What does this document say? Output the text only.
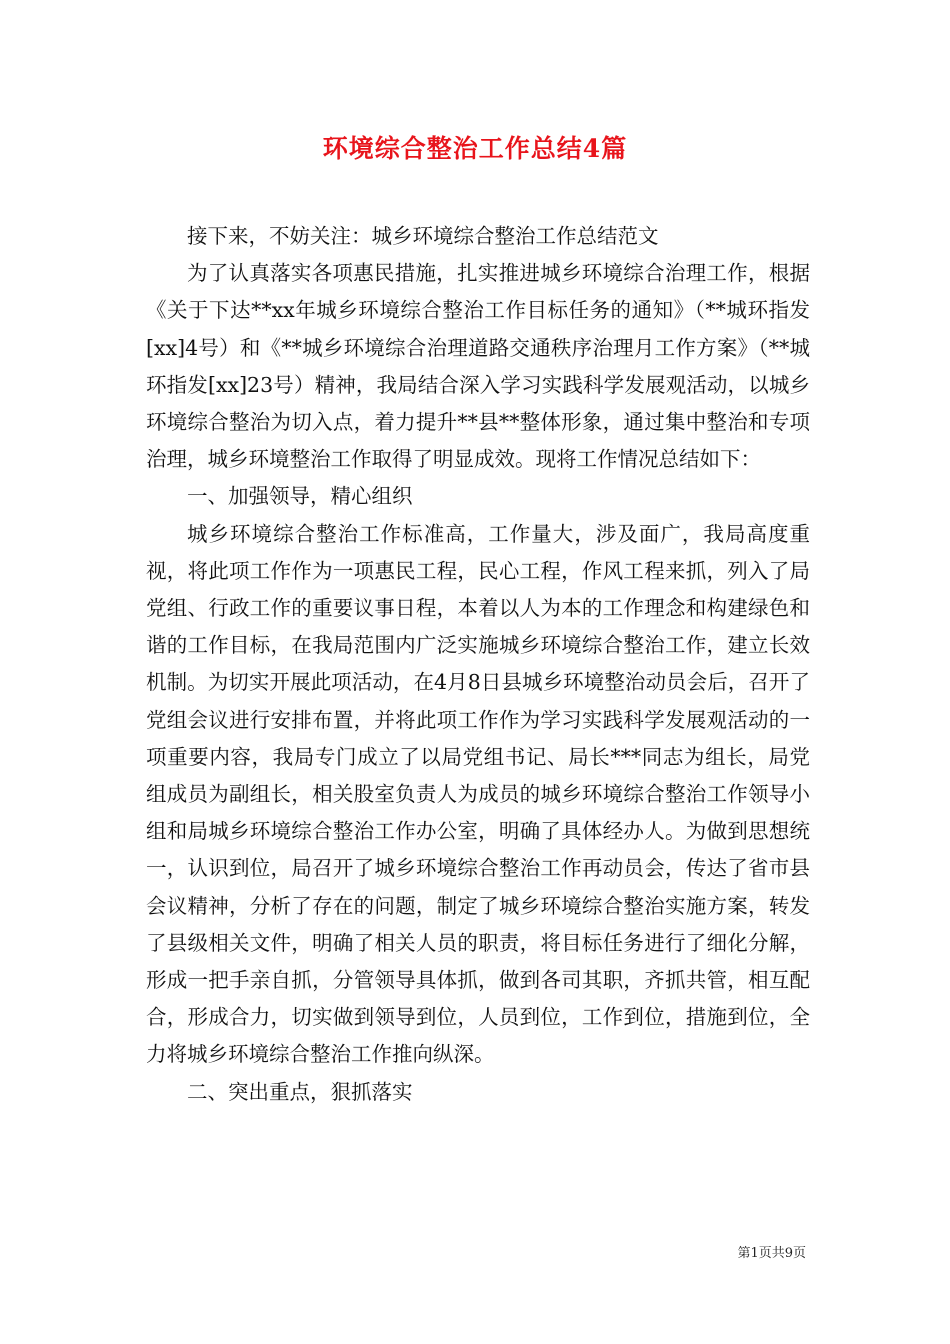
环境综合整治工作总结4篇

接下来，不妨关注：城乡环境综合整治工作总结范文

为了认真落实各项惠民措施，扎实推进城乡环境综合治理工作，根据《关于下达**xx年城乡环境综合整治工作目标任务的通知》（**城环指发[xx]4号）和《**城乡环境综合治理道路交通秩序治理月工作方案》（**城环指发[xx]23号）精神，我局结合深入学习实践科学发展观活动，以城乡环境综合整治为切入点，着力提升**县**整体形象，通过集中整治和专项治理，城乡环境整治工作取得了明显成效。现将工作情况总结如下：

一、加强领导，精心组织

城乡环境综合整治工作标准高，工作量大，涉及面广，我局高度重视，将此项工作作为一项惠民工程，民心工程，作风工程来抓，列入了局党组、行政工作的重要议事日程，本着以人为本的工作理念和构建绿色和谐的工作目标，在我局范围内广泛实施城乡环境综合整治工作，建立长效机制。为切实开展此项活动，在4月8日县城乡环境整治动员会后，召开了党组会议进行安排布置，并将此项工作作为学习实践科学发展观活动的一项重要内容，我局专门成立了以局党组书记、局长***同志为组长，局党组成员为副组长，相关股室负责人为成员的城乡环境综合整治工作领导小组和局城乡环境综合整治工作办公室，明确了具体经办人。为做到思想统一，认识到位，局召开了城乡环境综合整治工作再动员会，传达了省市县会议精神，分析了存在的问题，制定了城乡环境综合整治实施方案，转发了县级相关文件，明确了相关人员的职责，将目标任务进行了细化分解，形成一把手亲自抓，分管领导具体抓，做到各司其职，齐抓共管，相互配合，形成合力，切实做到领导到位，人员到位，工作到位，措施到位，全力将城乡环境综合整治工作推向纵深。

二、突出重点，狠抓落实

第1页共9页
